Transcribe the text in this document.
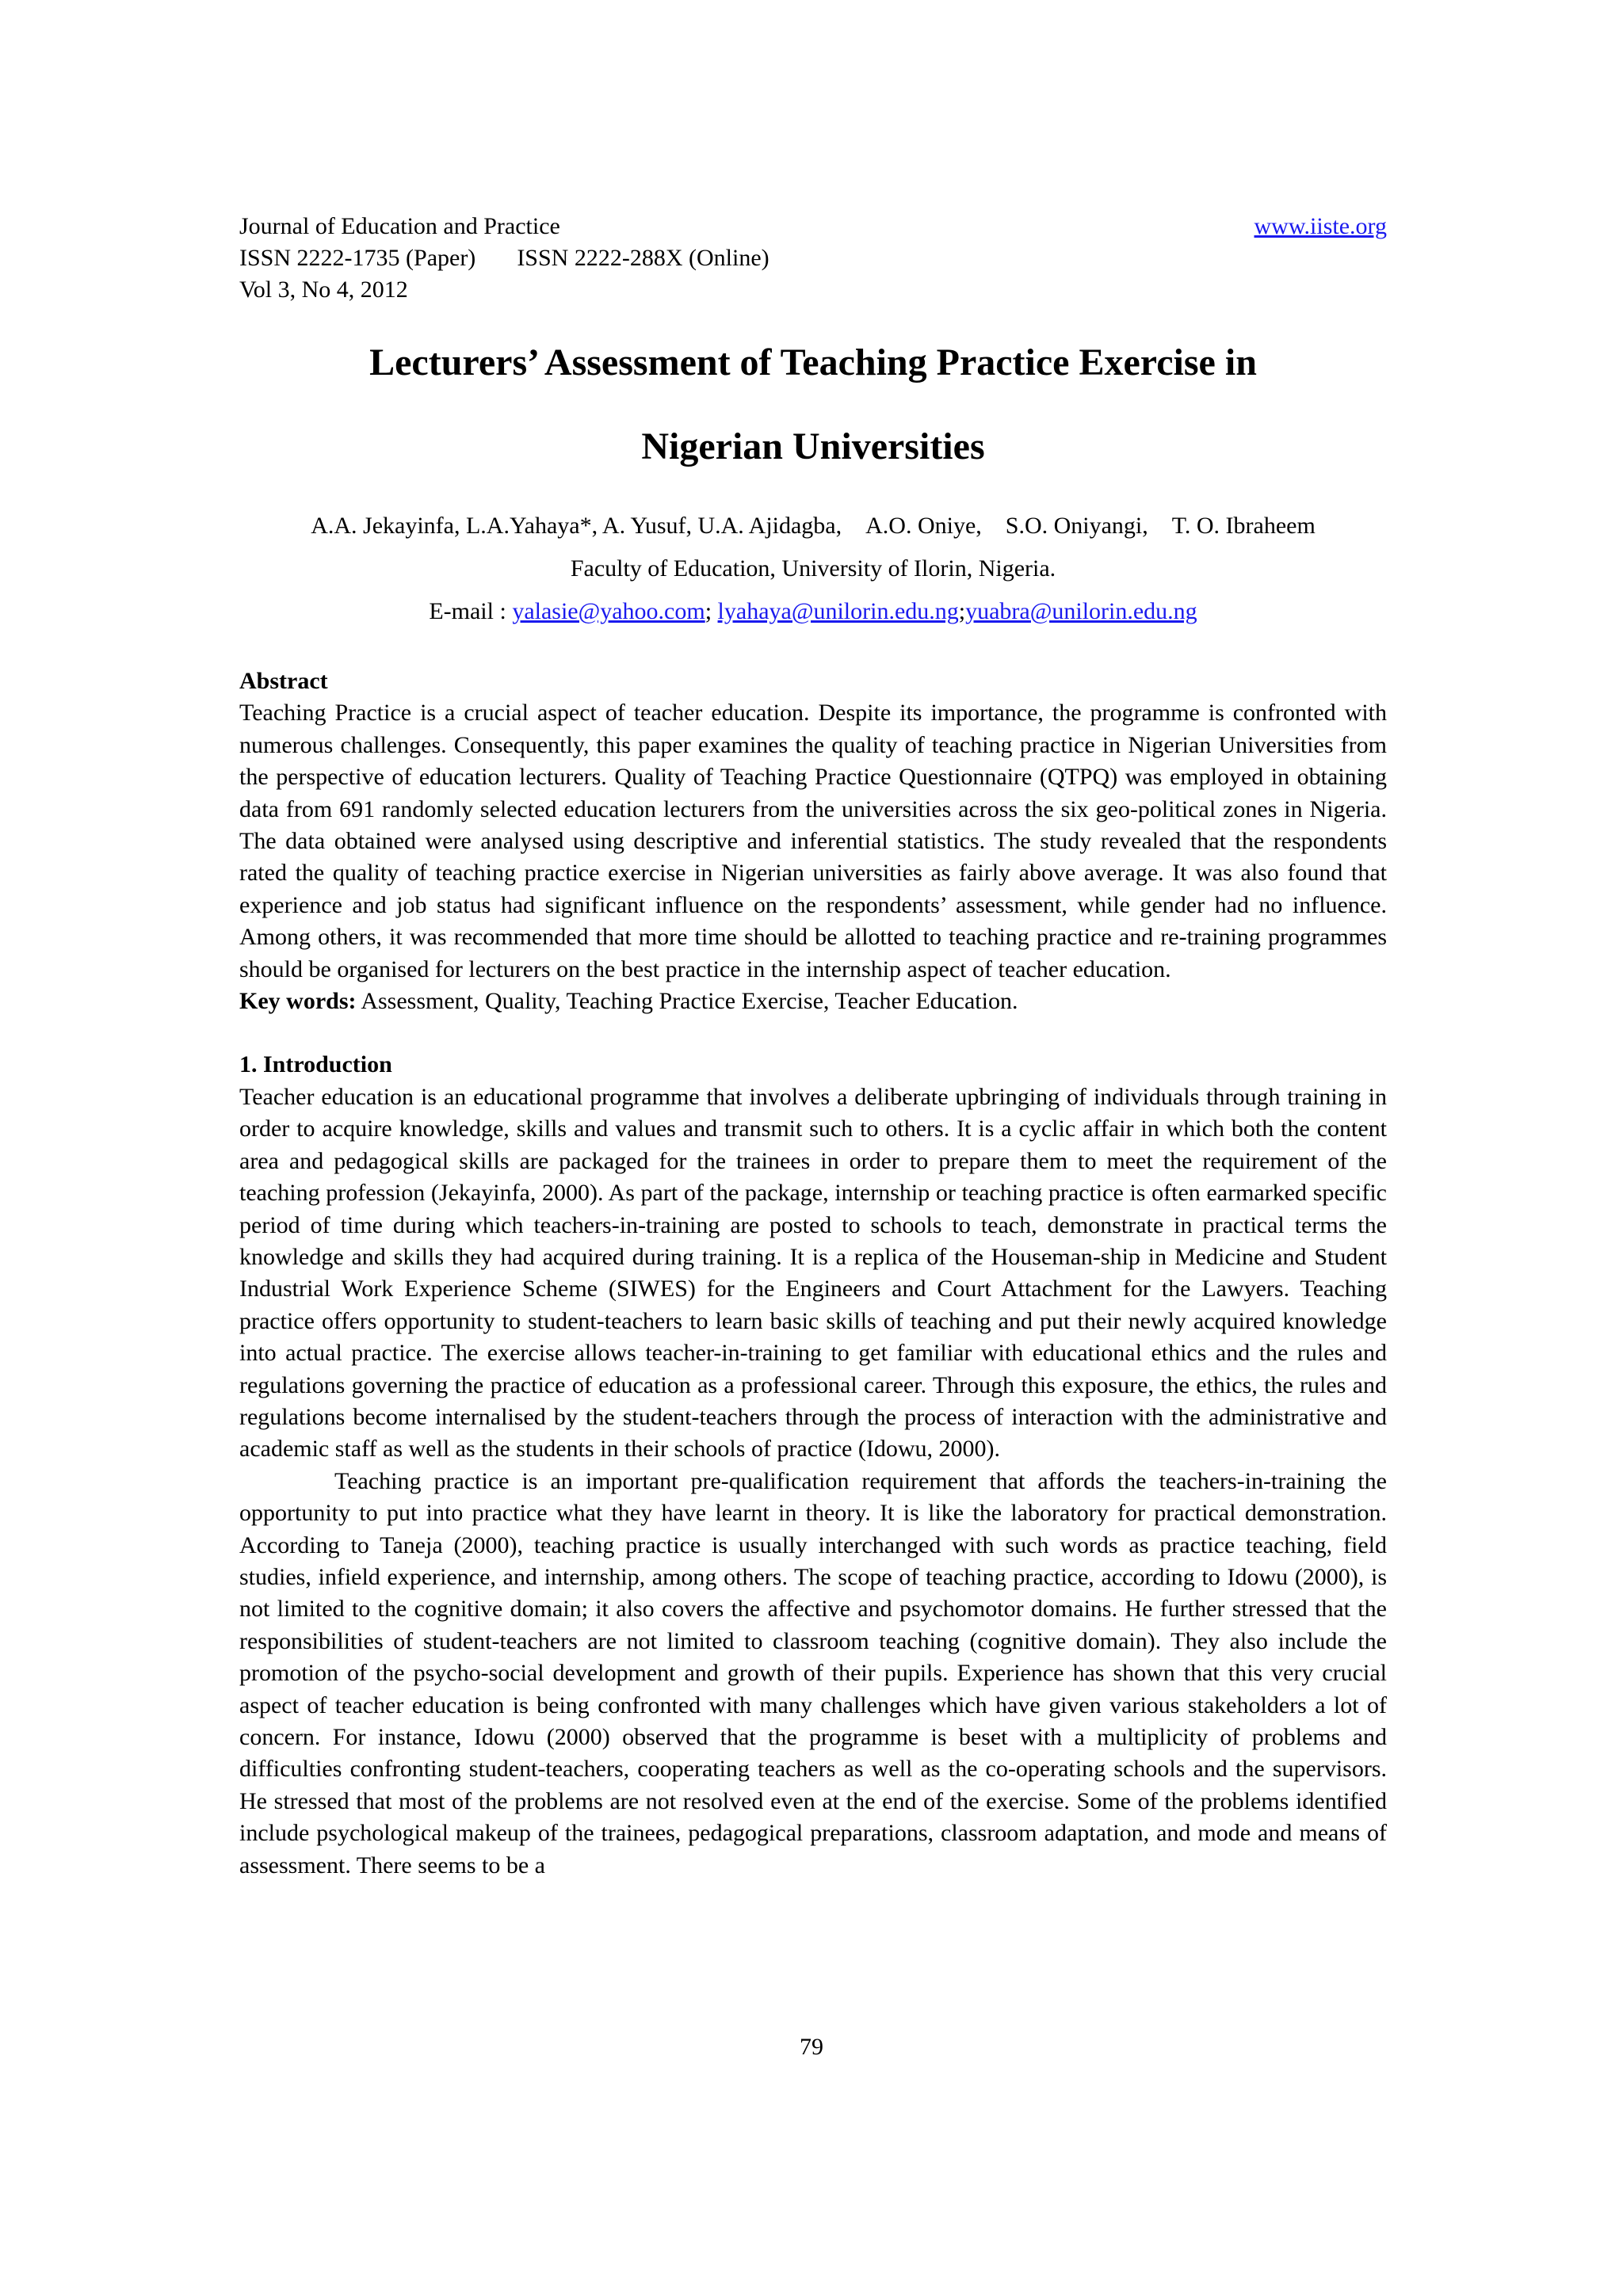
Journal of Education and Practice	www.iiste.org
ISSN 2222-1735 (Paper) ISSN 2222-288X (Online)
Vol 3, No 4, 2012
Lecturers’ Assessment of Teaching Practice Exercise in
Nigerian Universities
A.A. Jekayinfa, L.A.Yahaya*, A. Yusuf, U.A. Ajidagba,    A.O. Oniye,    S.O. Oniyangi,    T. O. Ibraheem
Faculty of Education, University of Ilorin, Nigeria.
E-mail : yalasie@yahoo.com; lyahaya@unilorin.edu.ng;yuabra@unilorin.edu.ng
Abstract

Teaching Practice is a crucial aspect of teacher education. Despite its importance, the programme is confronted with numerous challenges. Consequently, this paper examines the quality of teaching practice in Nigerian Universities from the perspective of education lecturers. Quality of Teaching Practice Questionnaire (QTPQ) was employed in obtaining data from 691 randomly selected education lecturers from the universities across the six geo-political zones in Nigeria. The data obtained were analysed using descriptive and inferential statistics. The study revealed that the respondents rated the quality of teaching practice exercise in Nigerian universities as fairly above average. It was also found that experience and job status had significant influence on the respondents’ assessment, while gender had no influence. Among others, it was recommended that more time should be allotted to teaching practice and re-training programmes should be organised for lecturers on the best practice in the internship aspect of teacher education.

Key words: Assessment, Quality, Teaching Practice Exercise, Teacher Education.

1. Introduction

Teacher education is an educational programme that involves a deliberate upbringing of individuals through training in order to acquire knowledge, skills and values and transmit such to others. It is a cyclic affair in which both the content area and pedagogical skills are packaged for the trainees in order to prepare them to meet the requirement of the teaching profession (Jekayinfa, 2000). As part of the package, internship or teaching practice is often earmarked specific period of time during which teachers-in-training are posted to schools to teach, demonstrate in practical terms the knowledge and skills they had acquired during training. It is a replica of the Houseman-ship in Medicine and Student Industrial Work Experience Scheme (SIWES) for the Engineers and Court Attachment for the Lawyers. Teaching practice offers opportunity to student-teachers to learn basic skills of teaching and put their newly acquired knowledge into actual practice. The exercise allows teacher-in-training to get familiar with educational ethics and the rules and regulations governing the practice of education as a professional career. Through this exposure, the ethics, the rules and regulations become internalised by the student-teachers through the process of interaction with the administrative and academic staff as well as the students in their schools of practice (Idowu, 2000).

Teaching practice is an important pre-qualification requirement that affords the teachers-in-training the opportunity to put into practice what they have learnt in theory. It is like the laboratory for practical demonstration. According to Taneja (2000), teaching practice is usually interchanged with such words as practice teaching, field studies, infield experience, and internship, among others. The scope of teaching practice, according to Idowu (2000), is not limited to the cognitive domain; it also covers the affective and psychomotor domains. He further stressed that the responsibilities of student-teachers are not limited to classroom teaching (cognitive domain). They also include the promotion of the psycho-social development and growth of their pupils. Experience has shown that this very crucial aspect of teacher education is being confronted with many challenges which have given various stakeholders a lot of concern. For instance, Idowu (2000) observed that the programme is beset with a multiplicity of problems and difficulties confronting student-teachers, cooperating teachers as well as the co-operating schools and the supervisors. He stressed that most of the problems are not resolved even at the end of the exercise. Some of the problems identified include psychological makeup of the trainees, pedagogical preparations, classroom adaptation, and mode and means of assessment. There seems to be a

79
